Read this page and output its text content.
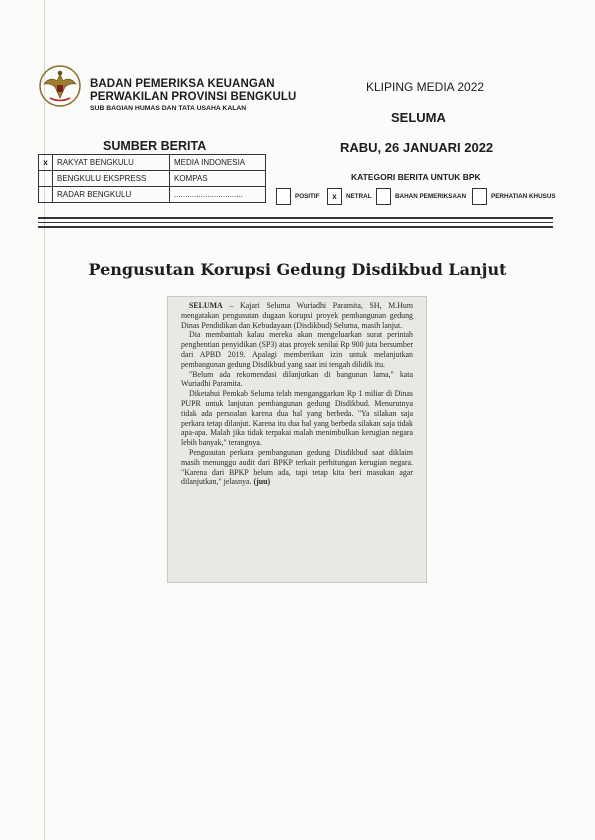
BADAN PEMERIKSA KEUANGAN
PERWAKILAN PROVINSI BENGKULU
SUB BAGIAN HUMAS DAN TATA USAHA KALAN
KLIPING MEDIA 2022
SELUMA
RABU, 26 JANUARI 2022
SUMBER BERITA
x	RAKYAT BENGKULU	MEDIA INDONESIA
	BENGKULU EKSPRESS	KOMPAS
	RADAR BENGKULU	...............................
KATEGORI BERITA UNTUK BPK
POSITIF	x	NETRAL	BAHAN PEMERIKSAAN	PERHATIAN KHUSUS
Pengusutan Korupsi Gedung Disdikbud Lanjut

SELUMA – Kajari Seluma Wuriadhi Paramita, SH, M.Hum mengatakan pengusutan dugaan korupsi proyek pembangunan gedung Dinas Pendidikan dan Kebudayaan (Disdikbud) Seluma, masih lanjut.

Dia membantah kalau mereka akan mengeluarkan surat perintah penghentian penyidikan (SP3) atas proyek senilai Rp 900 juta bersumber dari APBD 2019. Apalagi memberikan izin untuk melanjutkan pembangunan gedung Disdikbud yang saat ini tengah dilidik itu.

"Belum ada rekomendasi dilanjutkan di bangunan lama," kata Wuriadhi Paramita.

Diketahui Pemkab Seluma telah menganggarkan Rp 1 miliar di Dinas PUPR untuk lanjutan pembangunan gedung Disdikbud. Menurutnya tidak ada persoalan karena dua hal yang berbeda. "Ya silakan saja perkara tetap dilanjut. Karena itu dua hal yang berbeda silakan saja tidak apa-apa. Malah jika tidak terpakai malah menimbulkan kerugian negara lebih banyak," terangnya.

Pengusutan perkara pembangunan gedung Disdikbud saat diklaim masih menunggu audit dari BPKP terkait perhitungan kerugian negara. "Karena dari BPKP belum ada, tapi tetap kita beri masukan agar dilanjutkan," jelasnya. (juu)
